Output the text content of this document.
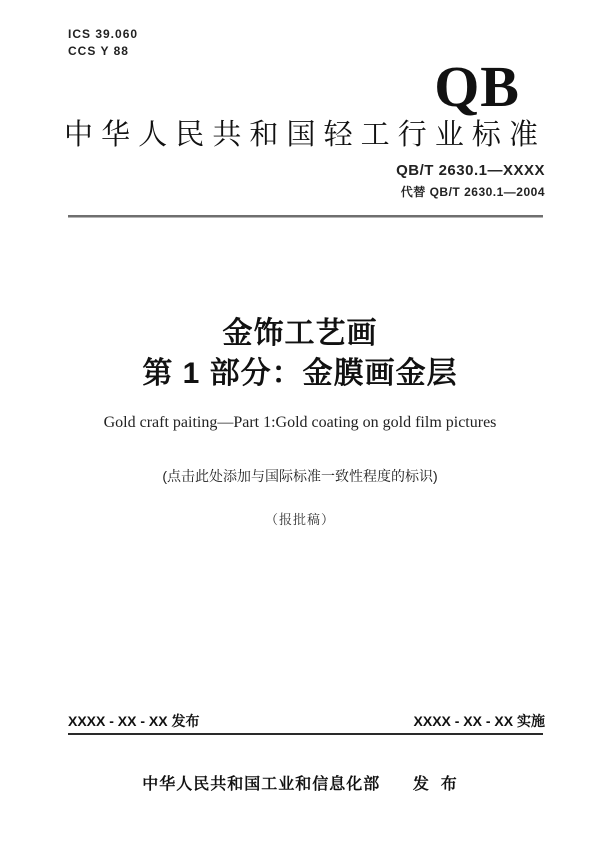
ICS 39.060
CCS Y 88
QB
中华人民共和国轻工行业标准
QB/T 2630.1—XXXX
代替 QB/T 2630.1—2004
金饰工艺画
第 1 部分：金膜画金层
Gold craft paiting—Part 1:Gold coating on gold film pictures
(点击此处添加与国际标准一致性程度的标识)
（报批稿）
XXXX - XX - XX 发布	XXXX - XX - XX 实施
中华人民共和国工业和信息化部      发  布
